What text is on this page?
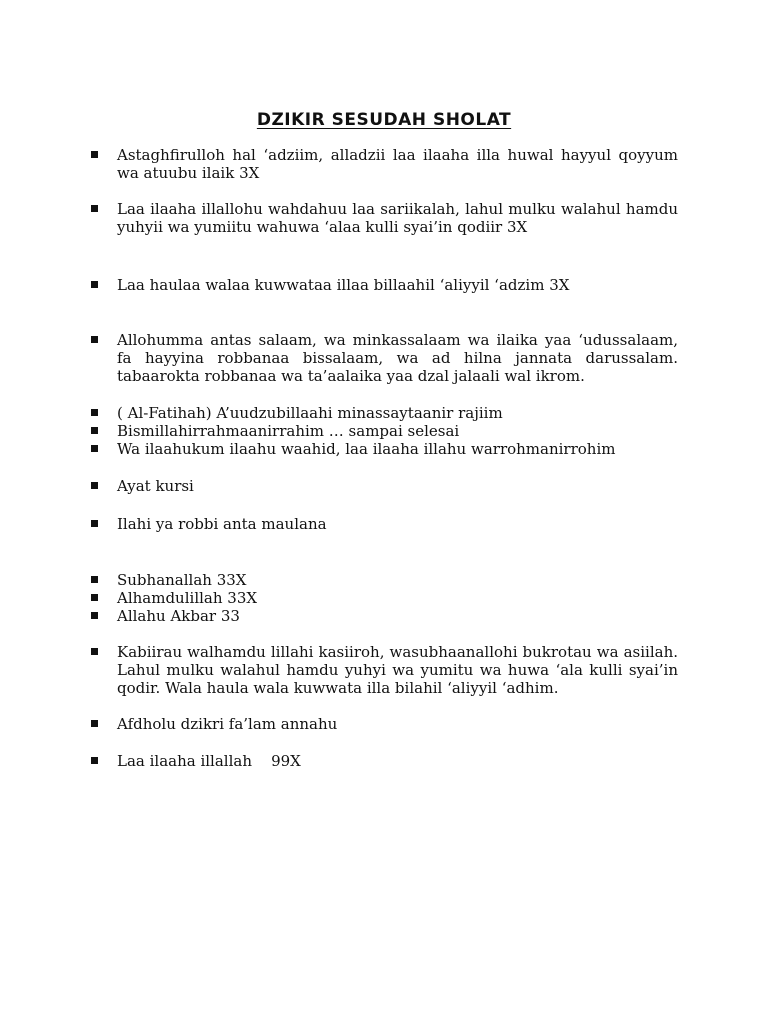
DZIKIR SESUDAH SHOLAT
Astaghfirulloh hal ‘adziim, alladzii laa ilaaha illa huwal hayyul qoyyum wa atuubu ilaik 3X
Laa ilaaha illallohu wahdahuu laa sariikalah, lahul mulku walahul hamdu yuhyii wa yumiitu wahuwa ‘alaa kulli syai’in qodiir 3X
Laa haulaa walaa kuwwataa illaa billaahil ‘aliyyil ‘adzim 3X
Allohumma antas salaam, wa minkassalaam wa ilaika yaa ‘udussalaam, fa hayyina robbanaa bissalaam, wa ad hilna jannata darussalam. tabaarokta robbanaa wa ta’aalaika yaa dzal jalaali wal ikrom.
( Al-Fatihah) A’uudzubillaahi minassaytaanir rajiim
Bismillahirrahmaanirrahim … sampai selesai
Wa ilaahukum ilaahu waahid, laa ilaaha illahu warrohmanirrohim
Ayat kursi
Ilahi ya robbi anta maulana
Subhanallah 33X
Alhamdulillah 33X
Allahu Akbar 33
Kabiirau walhamdu lillahi kasiiroh, wasubhaanallohi bukrotau wa asiilah. Lahul mulku walahul hamdu yuhyi wa yumitu wa huwa ‘ala kulli syai’in qodir. Wala haula wala kuwwata illa bilahil ‘aliyyil ‘adhim.
Afdholu dzikri fa’lam annahu
Laa ilaaha illallah    99X
